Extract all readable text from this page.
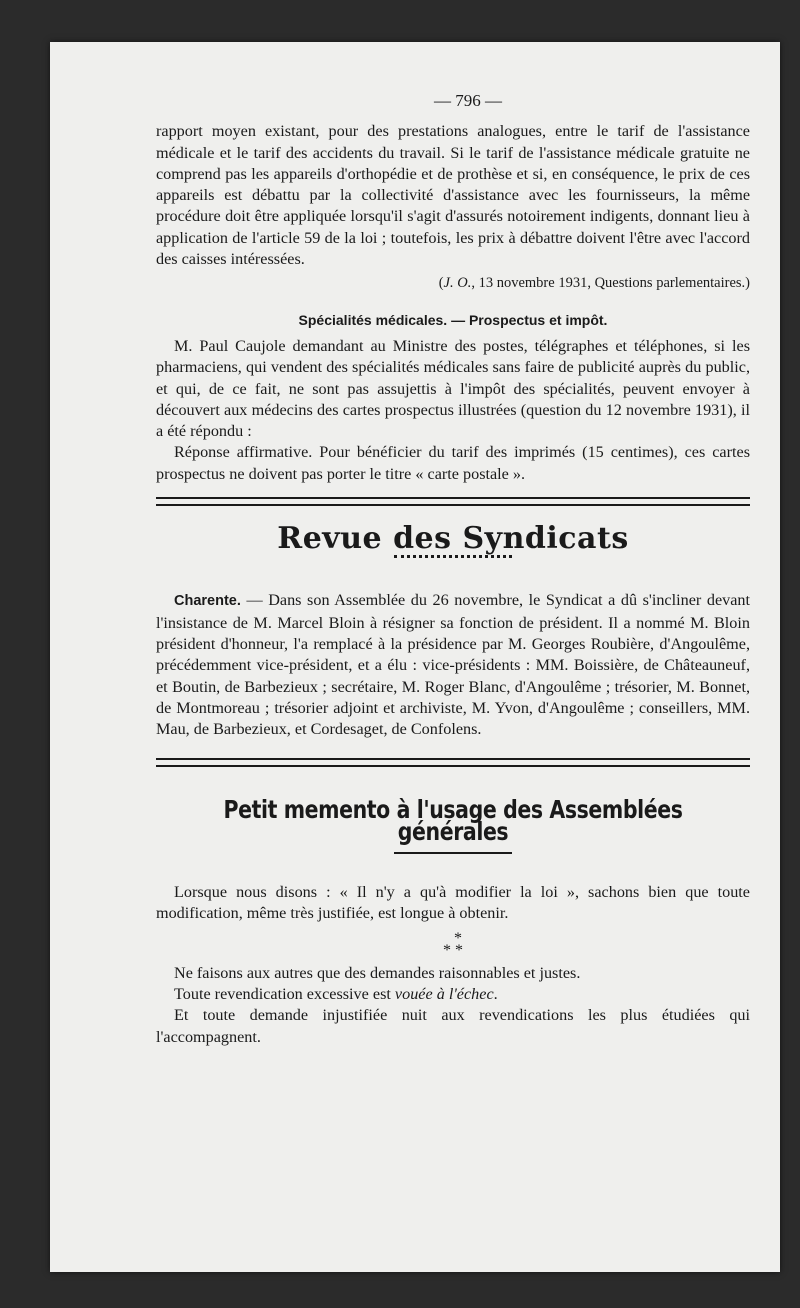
— 796 —

rapport moyen existant, pour des prestations analogues, entre le tarif de l'assistance médicale et le tarif des accidents du travail. Si le tarif de l'assistance médicale gratuite ne comprend pas les appareils d'orthopédie et de prothèse et si, en conséquence, le prix de ces appareils est débattu par la collectivité d'assistance avec les fournisseurs, la même procédure doit être appliquée lorsqu'il s'agit d'assurés notoirement indigents, donnant lieu à application de l'article 59 de la loi ; toutefois, les prix à débattre doivent l'être avec l'accord des caisses intéressées.

(J. O., 13 novembre 1931, Questions parlementaires.)
Spécialités médicales. — Prospectus et impôt.

M. Paul Caujole demandant au Ministre des postes, télégraphes et téléphones, si les pharmaciens, qui vendent des spécialités médicales sans faire de publicité auprès du public, et qui, de ce fait, ne sont pas assujettis à l'impôt des spécialités, peuvent envoyer à découvert aux médecins des cartes prospectus illustrées (question du 12 novembre 1931), il a été répondu :

Réponse affirmative. Pour bénéficier du tarif des imprimés (15 centimes), ces cartes prospectus ne doivent pas porter le titre « carte postale ».

Revue des Syndicats

Charente. — Dans son Assemblée du 26 novembre, le Syndicat a dû s'incliner devant l'insistance de M. Marcel Bloin à résigner sa fonction de président. Il a nommé M. Bloin président d'honneur, l'a remplacé à la présidence par M. Georges Roubière, d'Angoulême, précédemment vice-président, et a élu : vice-présidents : MM. Boissière, de Châteauneuf, et Boutin, de Barbezieux ; secrétaire, M. Roger Blanc, d'Angoulême ; trésorier, M. Bonnet, de Montmoreau ; trésorier adjoint et archiviste, M. Yvon, d'Angoulême ; conseillers, MM. Mau, de Barbezieux, et Cordesaget, de Confolens.

Petit memento à l'usage des Assemblées générales

Lorsque nous disons : « Il n'y a qu'à modifier la loi », sachons bien que toute modification, même très justifiée, est longue à obtenir.

*
* *

Ne faisons aux autres que des demandes raisonnables et justes.

Toute revendication excessive est vouée à l'échec.

Et toute demande injustifiée nuit aux revendications les plus étudiées qui l'accompagnent.
